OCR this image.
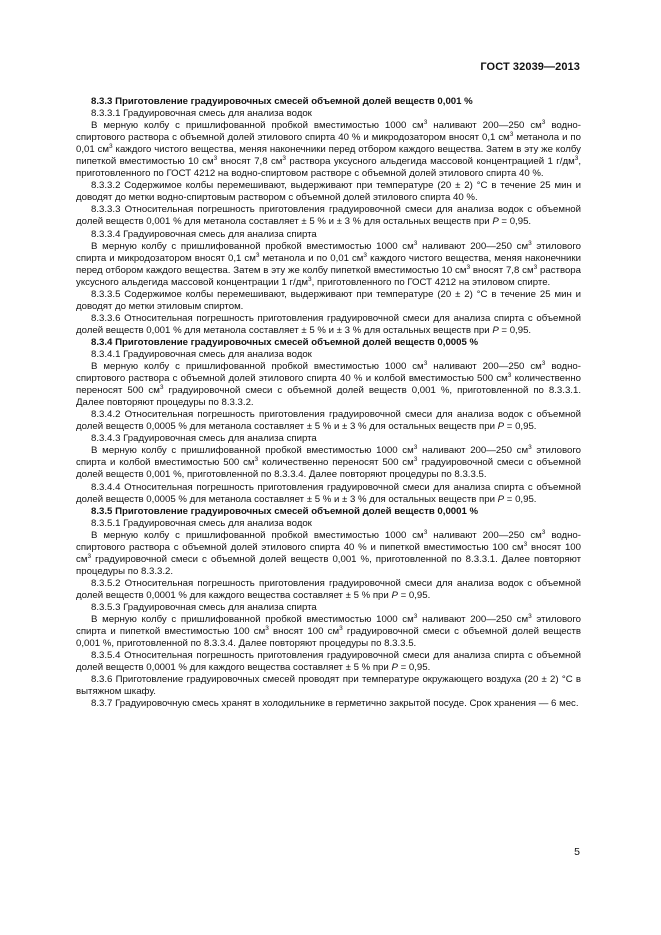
ГОСТ 32039—2013

8.3.3 Приготовление градуировочных смесей объемной долей веществ 0,001 %

8.3.3.1 Градуировочная смесь для анализа водок

В мерную колбу с пришлифованной пробкой вместимостью 1000 $см^3$ наливают 200—250 $см^3$ водно-спиртового раствора с объемной долей этилового спирта 40 % и микродозатором вносят 0,1 $см^3$ метанола и по 0,01 $см^3$ каждого чистого вещества, меняя наконечники перед отбором каждого вещества. Затем в эту же колбу пипеткой вместимостью 10 $см^3$ вносят 7,8 $см^3$ раствора уксусного альдегида массовой концентрацией 1 $г/дм^3$, приготовленного по ГОСТ 4212 на водно-спиртовом растворе с объемной долей этилового спирта 40 %.

8.3.3.2 Содержимое колбы перемешивают, выдерживают при температуре (20 ± 2) °С в течение 25 мин и доводят до метки водно-спиртовым раствором с объемной долей этилового спирта 40 %.

8.3.3.3 Относительная погрешность приготовления градуировочной смеси для анализа водок с объемной долей веществ 0,001 % для метанола составляет ± 5 % и ± 3 % для остальных веществ при P = 0,95.

8.3.3.4 Градуировочная смесь для анализа спирта

В мерную колбу с пришлифованной пробкой вместимостью 1000 $см^3$ наливают 200—250 $см^3$ этилового спирта и микродозатором вносят 0,1 $см^3$ метанола и по 0,01 $см^3$ каждого чистого вещества, меняя наконечники перед отбором каждого вещества. Затем в эту же колбу пипеткой вместимостью 10 $см^3$ вносят 7,8 $см^3$ раствора уксусного альдегида массовой концентрации 1 $г/дм^3$, приготовленного по ГОСТ 4212 на этиловом спирте.

8.3.3.5 Содержимое колбы перемешивают, выдерживают при температуре (20 ± 2) °С в течение 25 мин и доводят до метки этиловым спиртом.

8.3.3.6 Относительная погрешность приготовления градуировочной смеси для анализа спирта с объемной долей веществ 0,001 % для метанола составляет ± 5 % и ± 3 % для остальных веществ при P = 0,95.

8.3.4 Приготовление градуировочных смесей объемной долей веществ 0,0005 %

8.3.4.1 Градуировочная смесь для анализа водок

В мерную колбу с пришлифованной пробкой вместимостью 1000 $см^3$ наливают 200—250 $см^3$ водно-спиртового раствора с объемной долей этилового спирта 40 % и колбой вместимостью 500 $см^3$ количественно переносят 500 $см^3$ градуировочной смеси с объемной долей веществ 0,001 %, приготовленной по 8.3.3.1. Далее повторяют процедуры по 8.3.3.2.

8.3.4.2 Относительная погрешность приготовления градуировочной смеси для анализа водок с объемной долей веществ 0,0005 % для метанола составляет ± 5 % и ± 3 % для остальных веществ при P = 0,95.

8.3.4.3 Градуировочная смесь для анализа спирта

В мерную колбу с пришлифованной пробкой вместимостью 1000 $см^3$ наливают 200—250 $см^3$ этилового спирта и колбой вместимостью 500 $см^3$ количественно переносят 500 $см^3$ градуировочной смеси с объемной долей веществ 0,001 %, приготовленной по 8.3.3.4. Далее повторяют процедуры по 8.3.3.5.

8.3.4.4 Относительная погрешность приготовления градуировочной смеси для анализа спирта с объемной долей веществ 0,0005 % для метанола составляет ± 5 % и ± 3 % для остальных веществ при P = 0,95.

8.3.5 Приготовление градуировочных смесей объемной долей веществ 0,0001 %

8.3.5.1 Градуировочная смесь для анализа водок

В мерную колбу с пришлифованной пробкой вместимостью 1000 $см^3$ наливают 200—250 $см^3$ водно-спиртового раствора с объемной долей этилового спирта 40 % и пипеткой вместимостью 100 $см^3$ вносят 100 $см^3$ градуировочной смеси с объемной долей веществ 0,001 %, приготовленной по 8.3.3.1. Далее повторяют процедуры по 8.3.3.2.

8.3.5.2 Относительная погрешность приготовления градуировочной смеси для анализа водок с объемной долей веществ 0,0001 % для каждого вещества составляет ± 5 % при P = 0,95.

8.3.5.3 Градуировочная смесь для анализа спирта

В мерную колбу с пришлифованной пробкой вместимостью 1000 $см^3$ наливают 200—250 $см^3$ этилового спирта и пипеткой вместимостью 100 $см^3$ вносят 100 $см^3$ градуировочной смеси с объемной долей веществ 0,001 %, приготовленной по 8.3.3.4. Далее повторяют процедуры по 8.3.3.5.

8.3.5.4 Относительная погрешность приготовления градуировочной смеси для анализа спирта с объемной долей веществ 0,0001 % для каждого вещества составляет ± 5 % при P = 0,95.

8.3.6 Приготовление градуировочных смесей проводят при температуре окружающего воздуха (20 ± 2) °С в вытяжном шкафу.

8.3.7 Градуировочную смесь хранят в холодильнике в герметично закрытой посуде. Срок хранения — 6 мес.

5
